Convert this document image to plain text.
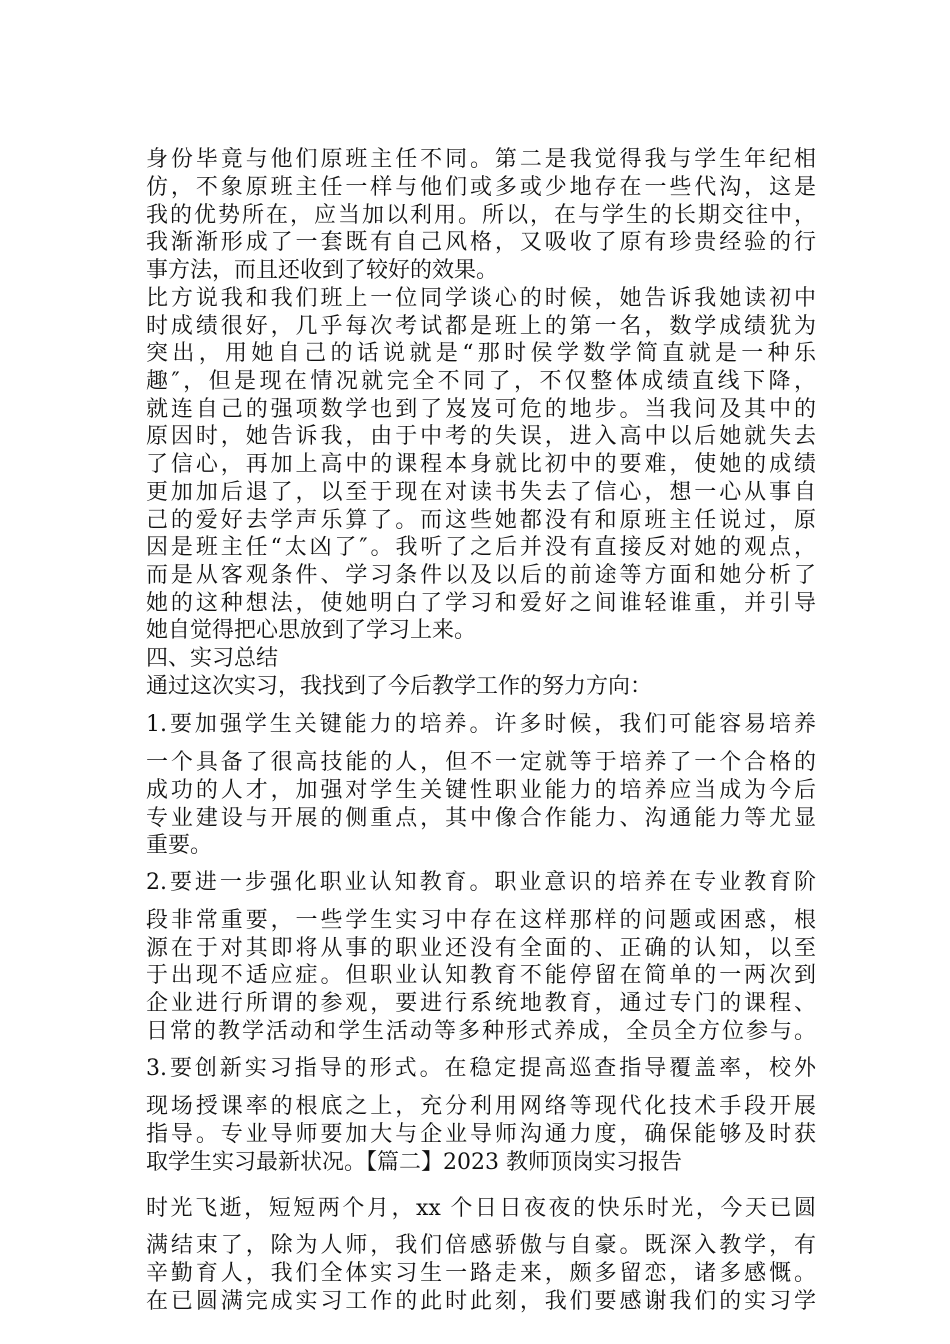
身份毕竟与他们原班主任不同。第二是我觉得我与学生年纪相
仿，不象原班主任一样与他们或多或少地存在一些代沟，这是
我的优势所在，应当加以利用。所以，在与学生的长期交往中，
我渐渐形成了一套既有自己风格，又吸收了原有珍贵经验的行
事方法，而且还收到了较好的效果。
比方说我和我们班上一位同学谈心的时候，她告诉我她读初中
时成绩很好，几乎每次考试都是班上的第一名，数学成绩犹为
突出，用她自己的话说就是“那时侯学数学简直就是一种乐
趣″，但是现在情况就完全不同了，不仅整体成绩直线下降，
就连自己的强项数学也到了岌岌可危的地步。当我问及其中的
原因时，她告诉我，由于中考的失误，进入高中以后她就失去
了信心，再加上高中的课程本身就比初中的要难，使她的成绩
更加加后退了，以至于现在对读书失去了信心，想一心从事自
己的爱好去学声乐算了。而这些她都没有和原班主任说过，原
因是班主任“太凶了″。我听了之后并没有直接反对她的观点，
而是从客观条件、学习条件以及以后的前途等方面和她分析了
她的这种想法，使她明白了学习和爱好之间谁轻谁重，并引导
她自觉得把心思放到了学习上来。
四、实习总结
通过这次实习，我找到了今后教学工作的努力方向：
1.要加强学生关键能力的培养。许多时候，我们可能容易培养
一个具备了很高技能的人，但不一定就等于培养了一个合格的
成功的人才，加强对学生关键性职业能力的培养应当成为今后
专业建设与开展的侧重点，其中像合作能力、沟通能力等尤显
重要。
2.要进一步强化职业认知教育。职业意识的培养在专业教育阶
段非常重要，一些学生实习中存在这样那样的问题或困惑，根
源在于对其即将从事的职业还没有全面的、正确的认知，以至
于出现不适应症。但职业认知教育不能停留在简单的一两次到
企业进行所谓的参观，要进行系统地教育，通过专门的课程、
日常的教学活动和学生活动等多种形式养成，全员全方位参与。
3.要创新实习指导的形式。在稳定提高巡查指导覆盖率，校外
现场授课率的根底之上，充分利用网络等现代化技术手段开展
指导。专业导师要加大与企业导师沟通力度，确保能够及时获
取学生实习最新状况。【篇二】2023 教师顶岗实习报告
时光飞逝，短短两个月，xx 个日日夜夜的快乐时光，今天已圆
满结束了，除为人师，我们倍感骄傲与自豪。既深入教学，有
辛勤育人，我们全体实习生一路走来，颇多留恋，诸多感慨。
在已圆满完成实习工作的此时此刻，我们要感谢我们的实习学
